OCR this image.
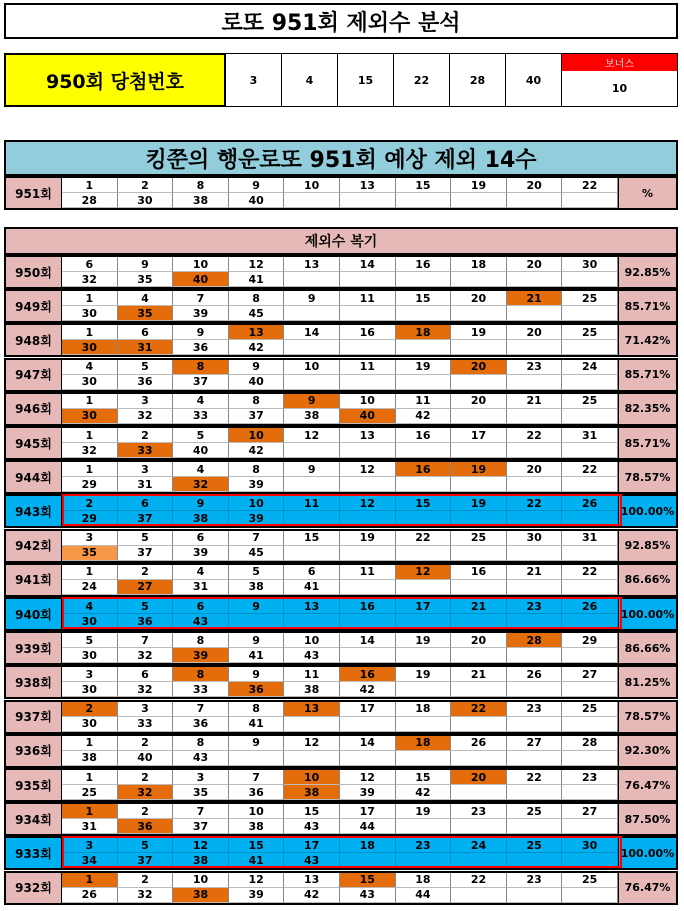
로또 951회 제외수 분석
950회 당첨번호	3	4	15	22	28	40
보너스
10
킹쭌의 행운로또 951회 예상 제외 14수
951회
1	2	8	9	10	13	15	19	20	22
28	30	38	40
%
제외수 복기
950회
6	9	10	12	13	14	16	18	20	30
32	35	40	41
92.85%
949회
1	4	7	8	9	11	15	20	21	25
30	35	39	45
85.71%
948회
1	6	9	13	14	16	18	19	20	25
30	31	36	42
71.42%
947회
4	5	8	9	10	11	19	20	23	24
30	36	37	40
85.71%
946회
1	3	4	8	9	10	11	20	21	25
30	32	33	37	38	40	42
82.35%
945회
1	2	5	10	12	13	16	17	22	31
32	33	40	42
85.71%
944회
1	3	4	8	9	12	16	19	20	22
29	31	32	39
78.57%
943회
2	6	9	10	11	12	15	19	22	26
29	37	38	39
100.00%
942회
3	5	6	7	15	19	22	25	30	31
35	37	39	45
92.85%
941회
1	2	4	5	6	11	12	16	21	22
24	27	31	38	41
86.66%
940회
4	5	6	9	13	16	17	21	23	26
30	36	43
100.00%
939회
5	7	8	9	10	14	19	20	28	29
30	32	39	41	43
86.66%
938회
3	6	8	9	11	16	19	21	26	27
30	32	33	36	38	42
81.25%
937회
2	3	7	8	13	17	18	22	23	25
30	33	36	41
78.57%
936회
1	2	8	9	12	14	18	26	27	28
38	40	43
92.30%
935회
1	2	3	7	10	12	15	20	22	23
25	32	35	36	38	39	42
76.47%
934회
1	2	7	10	15	17	19	23	25	27
31	36	37	38	43	44
87.50%
933회
3	5	12	15	17	18	23	24	25	30
34	37	38	41	43
100.00%
932회
1	2	10	12	13	15	18	22	23	25
26	32	38	39	42	43	44
76.47%
